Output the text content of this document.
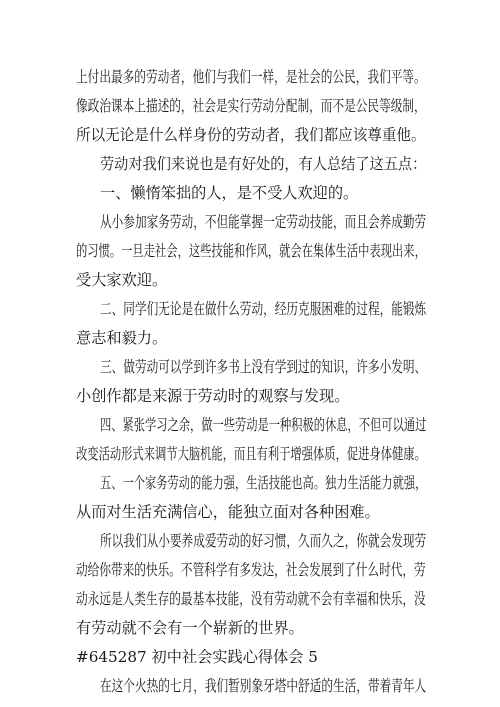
上付出最多的劳动者，他们与我们一样，是社会的公民，我们平等。
像政治课本上描述的，社会是实行劳动分配制，而不是公民等级制，
所以无论是什么样身份的劳动者，我们都应该尊重他。
劳动对我们来说也是有好处的，有人总结了这五点：
一、懒惰笨拙的人，是不受人欢迎的。
从小参加家务劳动，不但能掌握一定劳动技能，而且会养成勤劳
的习惯。一旦走社会，这些技能和作风，就会在集体生活中表现出来，
受大家欢迎。
二、同学们无论是在做什么劳动，经历克服困难的过程，能锻炼
意志和毅力。
三、做劳动可以学到许多书上没有学到过的知识，许多小发明、
小创作都是来源于劳动时的观察与发现。
四、紧张学习之余，做一些劳动是一种积极的休息，不但可以通过
改变活动形式来调节大脑机能，而且有利于增强体质，促进身体健康。
五、一个家务劳动的能力强，生活技能也高。独力生活能力就强，
从而对生活充满信心，能独立面对各种困难。
所以我们从小要养成爱劳动的好习惯，久而久之，你就会发现劳
动给你带来的快乐。不管科学有多发达，社会发展到了什么时代，劳
动永远是人类生存的最基本技能，没有劳动就不会有幸福和快乐，没
有劳动就不会有一个崭新的世界。
#645287 初中社会实践心得体会 5
在这个火热的七月，我们暂别象牙塔中舒适的生活，带着青年人
